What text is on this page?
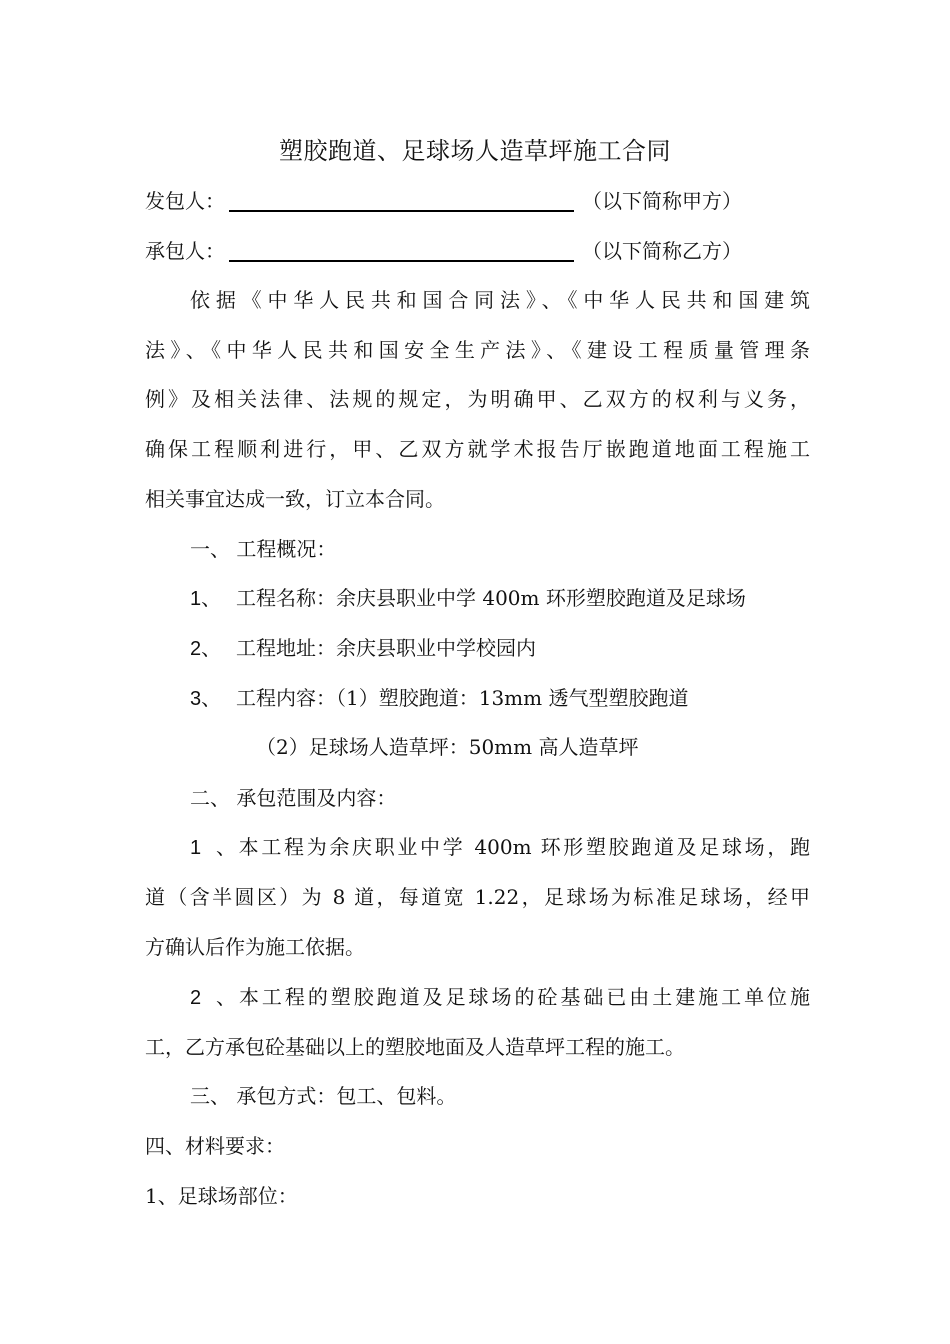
塑胶跑道、足球场人造草坪施工合同
发包人：	（以下简称甲方）
承包人：	（以下简称乙方）
依据《中华人民共和国合同法》、《中华人民共和国建筑
法》、《中华人民共和国安全生产法》、《建设工程质量管理条
例》及相关法律、法规的规定，为明确甲、乙双方的权利与义务，
确保工程顺利进行，甲、乙双方就学术报告厅嵌跑道地面工程施工
相关事宜达成一致，订立本合同。
一、 工程概况：
1、 工程名称：余庆县职业中学 400m 环形塑胶跑道及足球场
2、 工程地址：余庆县职业中学校园内
3、 工程内容：（1）塑胶跑道：13mm 透气型塑胶跑道
（2）足球场人造草坪：50mm 高人造草坪
二、 承包范围及内容：
1、本工程为余庆职业中学 400m 环形塑胶跑道及足球场，跑
道（含半圆区）为 8 道，每道宽 1.22，足球场为标准足球场，经甲
方确认后作为施工依据。
2、本工程的塑胶跑道及足球场的砼基础已由土建施工单位施
工，乙方承包砼基础以上的塑胶地面及人造草坪工程的施工。
三、 承包方式：包工、包料。
四、材料要求：
1、足球场部位：
